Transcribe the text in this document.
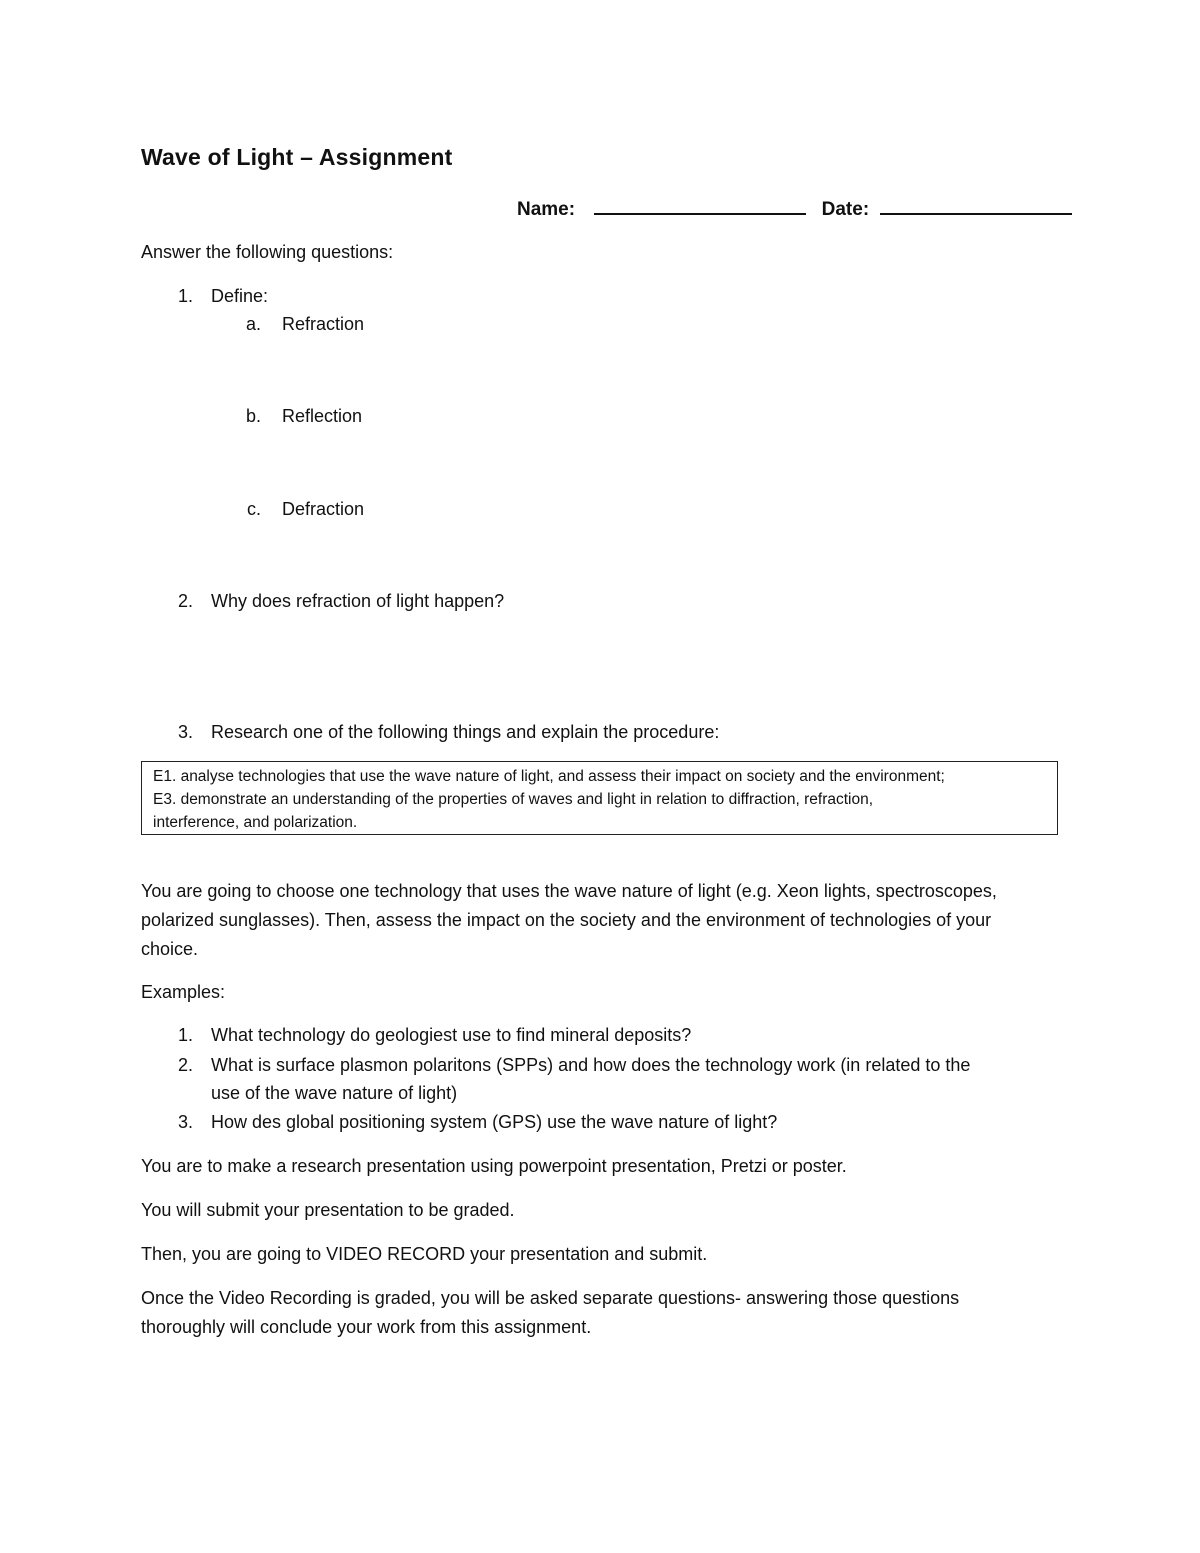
Wave of Light – Assignment
Name:	Date:
Answer the following questions:
1. Define:
a. Refraction
b. Reflection
c. Defraction
2. Why does refraction of light happen?
3. Research one of the following things and explain the procedure:
E1. analyse technologies that use the wave nature of light, and assess their impact on society and the environment;
E3. demonstrate an understanding of the properties of waves and light in relation to diffraction, refraction,
interference, and polarization.
You are going to choose one technology that uses the wave nature of light (e.g. Xeon lights, spectroscopes, polarized sunglasses). Then, assess the impact on the society and the environment of technologies of your choice.
Examples:
1. What technology do geologiest use to find mineral deposits?
2. What is surface plasmon polaritons (SPPs) and how does the technology work (in related to the
use of the wave nature of light)
3. How des global positioning system (GPS) use the wave nature of light?
You are to make a research presentation using powerpoint presentation, Pretzi or poster.
You will submit your presentation to be graded.
Then, you are going to VIDEO RECORD your presentation and submit.
Once the Video Recording is graded, you will be asked separate questions- answering those questions thoroughly will conclude your work from this assignment.
